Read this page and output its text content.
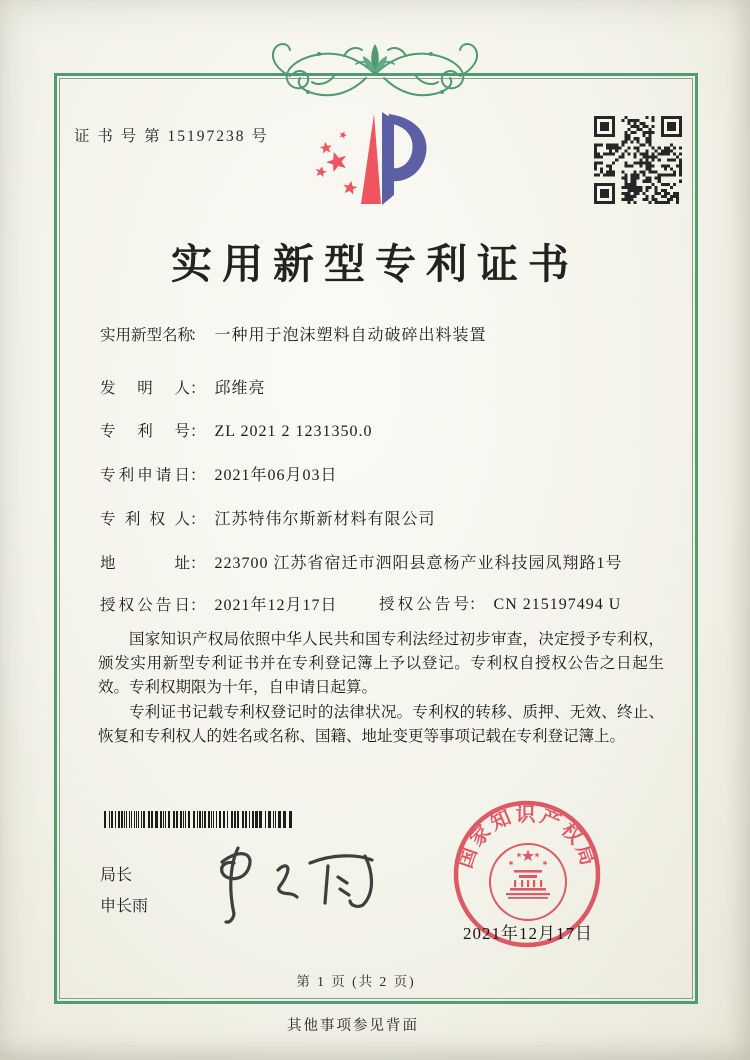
证 书 号 第 15197238 号
实用新型专利证书
实用新型名称： 一种用于泡沫塑料自动破碎出料装置
发明人： 邱维亮
专利号： ZL 2021 2 1231350.0
专利申请日： 2021年06月03日
专利权人： 江苏特伟尔斯新材料有限公司
地址： 223700 江苏省宿迁市泗阳县意杨产业科技园凤翔路1号
授权公告日： 2021年12月17日	授权公告号： CN 215197494 U

国家知识产权局依照中华人民共和国专利法经过初步审查，决定授予专利权，颁发实用新型专利证书并在专利登记簿上予以登记。专利权自授权公告之日起生效。专利权期限为十年，自申请日起算。

专利证书记载专利权登记时的法律状况。专利权的转移、质押、无效、终止、恢复和专利权人的姓名或名称、国籍、地址变更等事项记载在专利登记簿上。

局长
申长雨
国家知识产权局
2021年12月17日
第 1 页 (共 2 页)
其他事项参见背面
